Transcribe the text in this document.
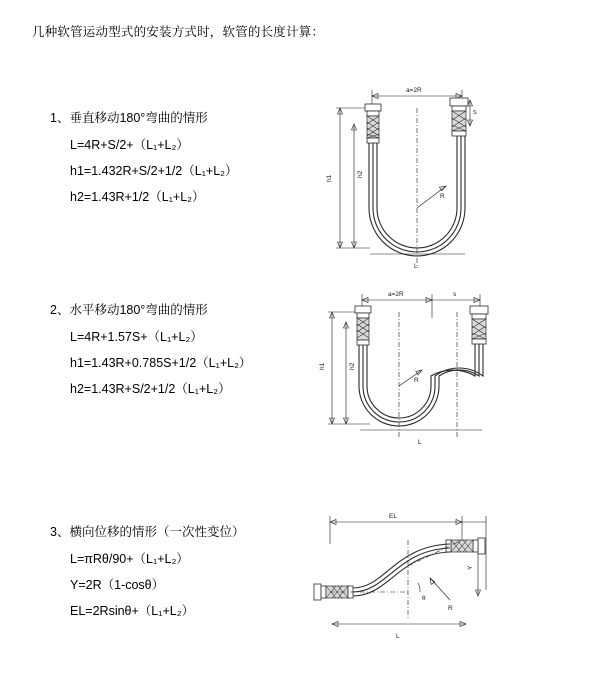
几种软管运动型式的安装方式时，软管的长度计算：

1、垂直移动180°弯曲的情形

L=4R+S/2+（L₁+L₂）

h1=1.432R+S/2+1/2（L₁+L₂）

h2=1.43R+1/2（L₁+L₂）

a=2R
S
h1
h2
R
L

2、水平移动180°弯曲的情形

L=4R+1.57S+（L₁+L₂）

h1=1.43R+0.785S+1/2（L₁+L₂）

h2=1.43R+S/2+1/2（L₁+L₂）

a=2R	s
h1	h2
R
L

3、横向位移的情形（一次性变位）

L=πRθ/90+（L₁+L₂）

Y=2R（1-cosθ）

EL=2Rsinθ+（L₁+L₂）

EL
Y
θ
R
L
